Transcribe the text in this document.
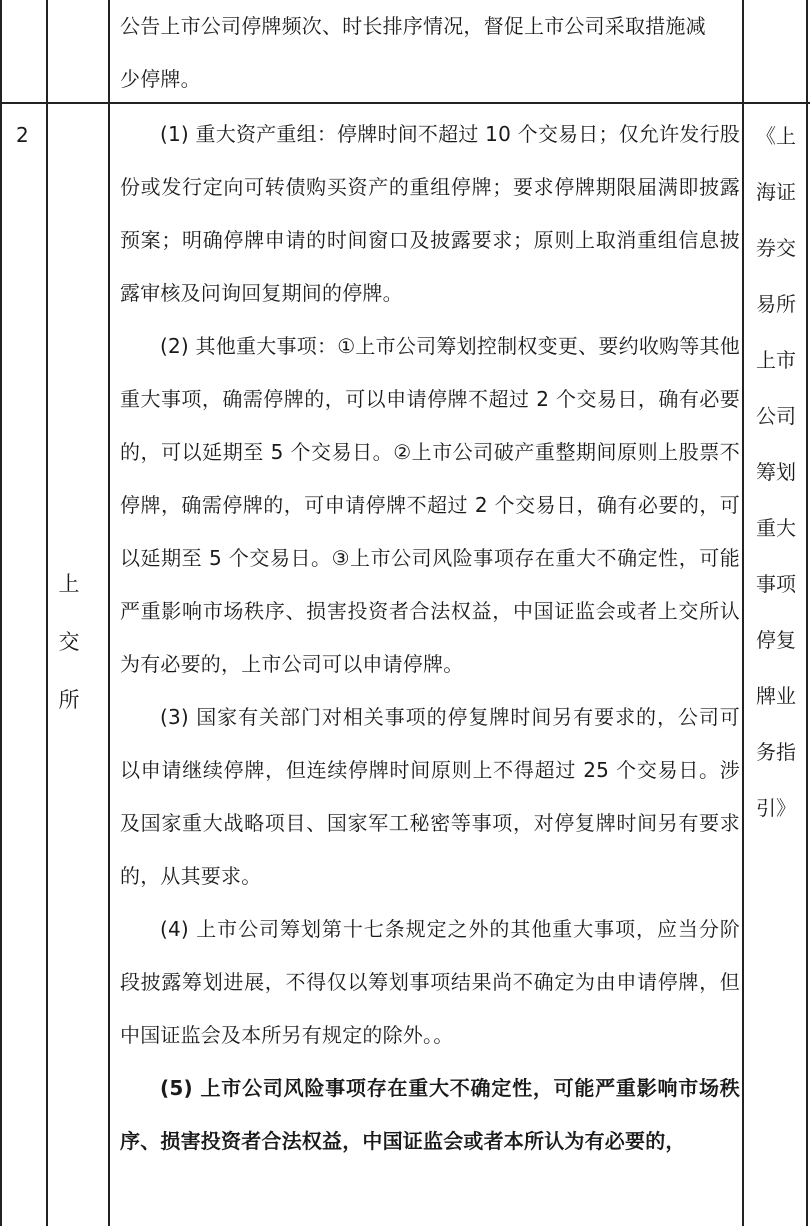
公告上市公司停牌频次、时长排序情况，督促上市公司采取措施减
少停牌。
2
上
交
所
(1) 重大资产重组：停牌时间不超过 10 个交易日；仅允许发行股份或发行定向可转债购买资产的重组停牌；要求停牌期限届满即披露预案；明确停牌申请的时间窗口及披露要求；原则上取消重组信息披露审核及问询回复期间的停牌。
(2) 其他重大事项：①上市公司筹划控制权变更、要约收购等其他重大事项，确需停牌的，可以申请停牌不超过 2 个交易日，确有必要的，可以延期至 5 个交易日。②上市公司破产重整期间原则上股票不停牌，确需停牌的，可申请停牌不超过 2 个交易日，确有必要的，可以延期至 5 个交易日。③上市公司风险事项存在重大不确定性，可能严重影响市场秩序、损害投资者合法权益，中国证监会或者上交所认为有必要的，上市公司可以申请停牌。
(3) 国家有关部门对相关事项的停复牌时间另有要求的，公司可以申请继续停牌，但连续停牌时间原则上不得超过 25 个交易日。涉及国家重大战略项目、国家军工秘密等事项，对停复牌时间另有要求的，从其要求。
(4) 上市公司筹划第十七条规定之外的其他重大事项，应当分阶段披露筹划进展，不得仅以筹划事项结果尚不确定为由申请停牌，但中国证监会及本所另有规定的除外。。
(5) 上市公司风险事项存在重大不确定性，可能严重影响市场秩序、损害投资者合法权益，中国证监会或者本所认为有必要的，
《上
海证
券交
易所
上市
公司
筹划
重大
事项
停复
牌业
务指
引》
